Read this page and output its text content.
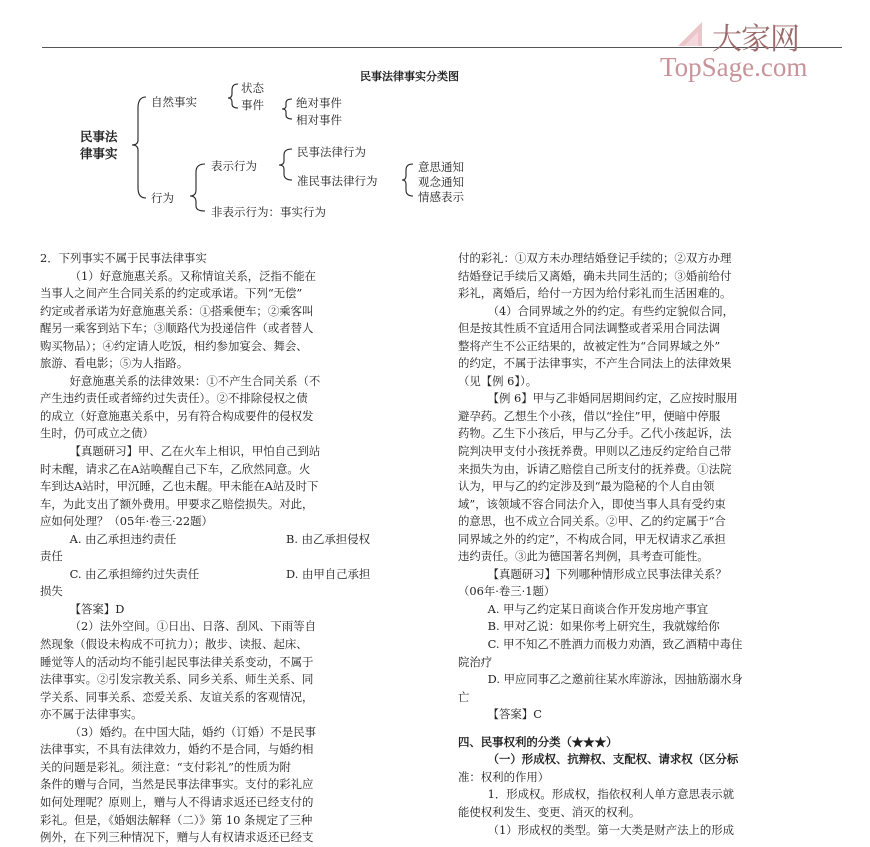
大家网
TopSage.com
民事法律事实分类图
民事法
律事实
自然事实
状态
事件	绝对事件
相对事件
表示行为
民事法律行为
准民事法律行为
意思通知
观念通知
情感表示
行为
非表示行为：事实行为

2．下列事实不属于民事法律事实

（1）好意施惠关系。又称情谊关系，泛指不能在

当事人之间产生合同关系的约定或承诺。下列“无偿”

约定或者承诺为好意施惠关系：①搭乘便车；②乘客叫

醒另一乘客到站下车；③顺路代为投递信件（或者替人

购买物品）；④约定请人吃饭，相约参加宴会、舞会、

旅游、看电影；⑤为人指路。

好意施惠关系的法律效果：①不产生合同关系（不

产生违约责任或者缔约过失责任）。②不排除侵权之债

的成立（好意施惠关系中，另有符合构成要件的侵权发

生时，仍可成立之债）

【真题研习】甲、乙在火车上相识，甲怕自己到站

时未醒，请求乙在A站唤醒自己下车，乙欣然同意。火

车到达A站时，甲沉睡，乙也未醒。甲未能在A站及时下

车，为此支出了额外费用。甲要求乙赔偿损失。对此，

应如何处理？（05年·卷三·22题）

A. 由乙承担违约责任	B. 由乙承担侵权

责任

C. 由乙承担缔约过失责任	D. 由甲自己承担

损失

【答案】D

（2）法外空间。①日出、日落、刮风、下雨等自

然现象（假设未构成不可抗力）；散步、读报、起床、

睡觉等人的活动均不能引起民事法律关系变动，不属于

法律事实。②引发宗教关系、同乡关系、师生关系、同

学关系、同事关系、恋爱关系、友谊关系的客观情况，

亦不属于法律事实。

（3）婚约。在中国大陆，婚约（订婚）不是民事

法律事实，不具有法律效力，婚约不是合同，与婚约相

关的问题是彩礼。须注意：“支付彩礼”的性质为附

条件的赠与合同，当然是民事法律事实。支付的彩礼应

如何处理呢？原则上，赠与人不得请求返还已经支付的

彩礼。但是，《婚姻法解释（二）》第 10 条规定了三种

例外，在下列三种情况下，赠与人有权请求返还已经支

付的彩礼：①双方未办理结婚登记手续的；②双方办理

结婚登记手续后又离婚，确未共同生活的；③婚前给付

彩礼，离婚后，给付一方因为给付彩礼而生活困难的。

（4）合同界域之外的约定。有些约定貌似合同，

但是按其性质不宜适用合同法调整或者采用合同法调

整将产生不公正结果的，故被定性为“合同界域之外”

的约定，不属于法律事实，不产生合同法上的法律效果

（见【例 6】）。

【例 6】甲与乙非婚同居期间约定，乙应按时服用

避孕药。乙想生个小孩，借以“拴住”甲，便暗中停服

药物。乙生下小孩后，甲与乙分手。乙代小孩起诉，法

院判决甲支付小孩抚养费。甲则以乙违反约定给自己带

来损失为由，诉请乙赔偿自己所支付的抚养费。①法院

认为，甲与乙的约定涉及到“最为隐秘的个人自由领

域”，该领域不容合同法介入，即使当事人具有受约束

的意思，也不成立合同关系。②甲、乙的约定属于“合

同界域之外的约定”，不构成合同，甲无权请求乙承担

违约责任。③此为德国著名判例，具考查可能性。

【真题研习】下列哪种情形成立民事法律关系？

（06年·卷三·1题）

A. 甲与乙约定某日商谈合作开发房地产事宜

B. 甲对乙说：如果你考上研究生，我就嫁给你

C. 甲不知乙不胜酒力而极力劝酒，致乙酒精中毒住

院治疗

D. 甲应同事乙之邀前往某水库游泳，因抽筋溺水身

亡

【答案】C

四、民事权利的分类（★★★）

（一）形成权、抗辩权、支配权、请求权（区分标

准：权利的作用）

1．形成权。形成权，指依权利人单方意思表示就

能使权利发生、变更、消灭的权利。

（1）形成权的类型。第一大类是财产法上的形成
